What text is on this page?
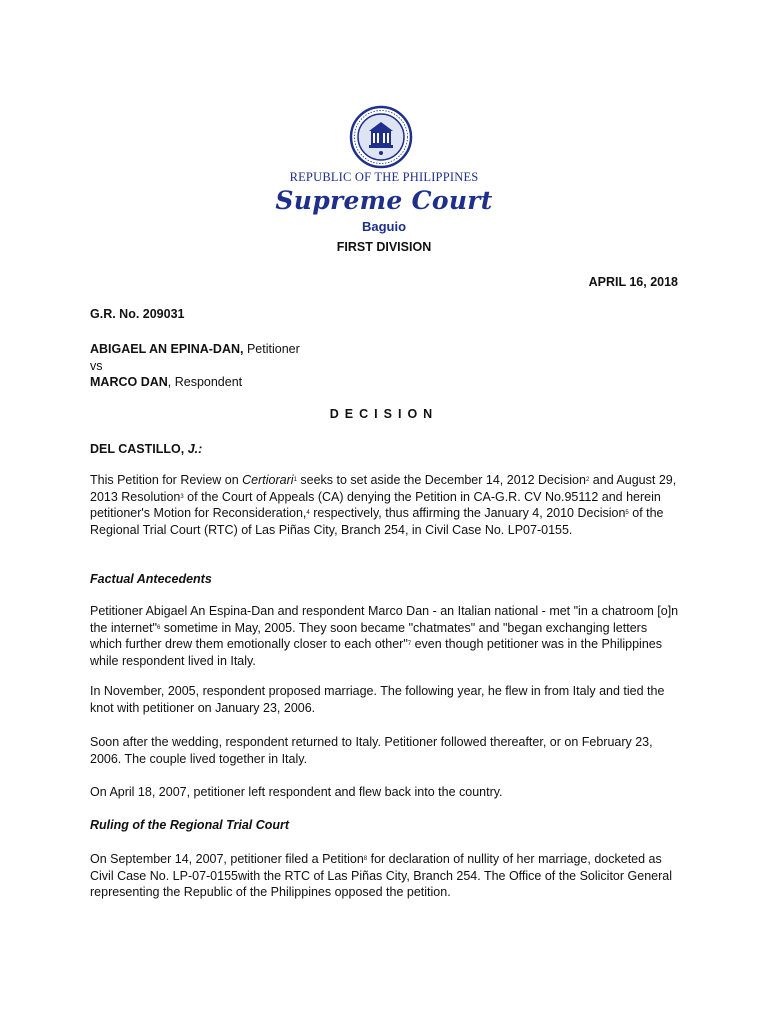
REPUBLIC OF THE PHILIPPINES
Supreme Court
Baguio
FIRST DIVISION
APRIL 16, 2018
G.R. No. 209031
ABIGAEL AN EPINA-DAN, Petitioner
vs
MARCO DAN, Respondent
DECISION
DEL CASTILLO, J.:
This Petition for Review on Certiorari$^1$ seeks to set aside the December 14, 2012 Decision$^2$ and August 29, 2013 Resolution$^3$ of the Court of Appeals (CA) denying the Petition in CA-G.R. CV No.95112 and herein petitioner's Motion for Reconsideration,$^4$ respectively, thus affirming the January 4, 2010 Decision$^5$ of the Regional Trial Court (RTC) of Las Piñas City, Branch 254, in Civil Case No. LP07-0155.
Factual Antecedents
Petitioner Abigael An Espina-Dan and respondent Marco Dan - an Italian national - met "in a chatroom [o]n the internet"$^6$ sometime in May, 2005. They soon became "chatmates" and "began exchanging letters which further drew them emotionally closer to each other"$^7$ even though petitioner was in the Philippines while respondent lived in Italy.
In November, 2005, respondent proposed marriage. The following year, he flew in from Italy and tied the knot with petitioner on January 23, 2006.
Soon after the wedding, respondent returned to Italy. Petitioner followed thereafter, or on February 23, 2006. The couple lived together in Italy.
On April 18, 2007, petitioner left respondent and flew back into the country.
Ruling of the Regional Trial Court
On September 14, 2007, petitioner filed a Petition$^8$ for declaration of nullity of her marriage, docketed as Civil Case No. LP-07-0155with the RTC of Las Piñas City, Branch 254. The Office of the Solicitor General representing the Republic of the Philippines opposed the petition.
